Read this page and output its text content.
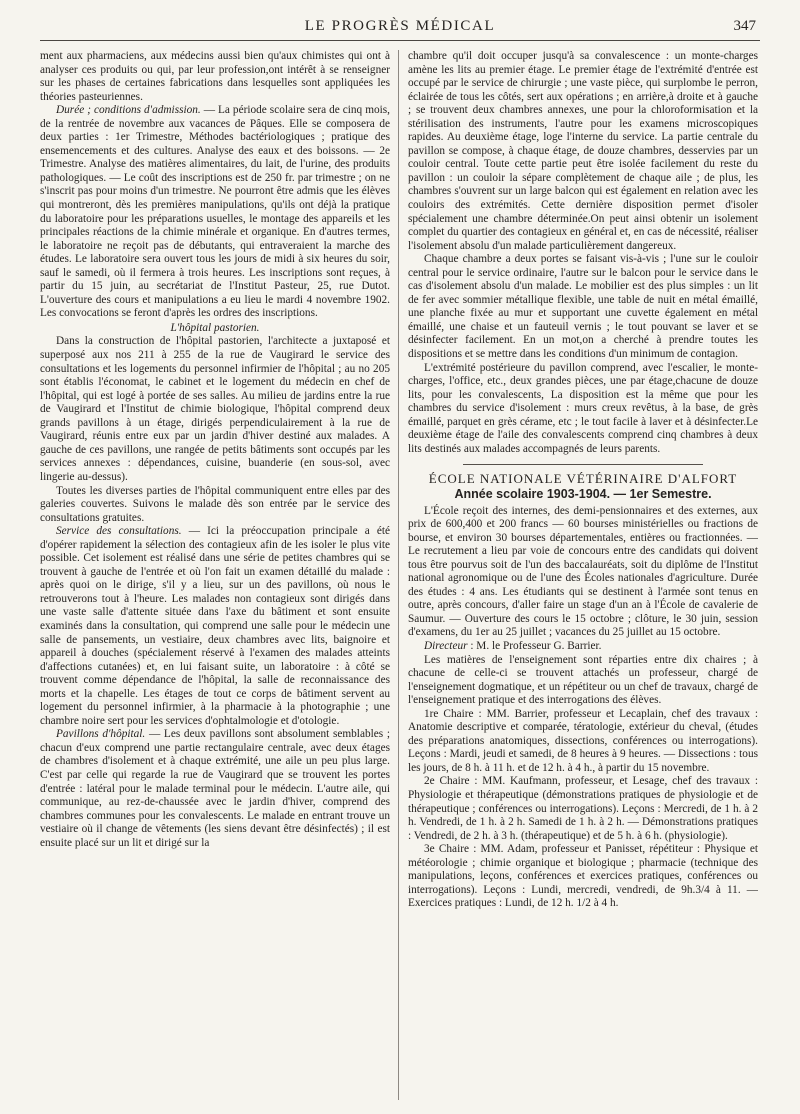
LE PROGRÈS MÉDICAL	347

ment aux pharmaciens, aux médecins aussi bien qu'aux chimistes qui ont à analyser ces produits ou qui, par leur profession,ont intérêt à se renseigner sur les phases de certaines fabrications dans lesquelles sont appliquées les théories pasteuriennes.

Durée ; conditions d'admission. — La période scolaire sera de cinq mois, de la rentrée de novembre aux vacances de Pâques. Elle se composera de deux parties : 1er Trimestre, Méthodes bactériologiques ; pratique des ensemencements et des cultures. Analyse des eaux et des boissons. — 2e Trimestre. Analyse des matières alimentaires, du lait, de l'urine, des produits pathologiques. — Le coût des inscriptions est de 250 fr. par trimestre ; on ne s'inscrit pas pour moins d'un trimestre. Ne pourront être admis que les élèves qui montreront, dès les premières manipulations, qu'ils ont déjà la pratique du laboratoire pour les préparations usuelles, le montage des appareils et les principales réactions de la chimie minérale et organique. En d'autres termes, le laboratoire ne reçoit pas de débutants, qui entraveraient la marche des études. Le laboratoire sera ouvert tous les jours de midi à six heures du soir, sauf le samedi, où il fermera à trois heures. Les inscriptions sont reçues, à partir du 15 juin, au secrétariat de l'Institut Pasteur, 25, rue Dutot. L'ouverture des cours et manipulations a eu lieu le mardi 4 novembre 1902. Les convocations se feront d'après les ordres des inscriptions.

L'hôpital pastorien.

Dans la construction de l'hôpital pastorien, l'architecte a juxtaposé et superposé aux nos 211 à 255 de la rue de Vaugirard le service des consultations et les logements du personnel infirmier de l'hôpital ; au no 205 sont établis l'économat, le cabinet et le logement du médecin en chef de l'hôpital, qui est logé à portée de ses salles. Au milieu de jardins entre la rue de Vaugirard et l'Institut de chimie biologique, l'hôpital comprend deux grands pavillons à un étage, dirigés perpendiculairement à la rue de Vaugirard, réunis entre eux par un jardin d'hiver destiné aux malades. A gauche de ces pavillons, une rangée de petits bâtiments sont occupés par les services annexes : dépendances, cuisine, buanderie (en sous-sol, avec lingerie au-dessus).

Toutes les diverses parties de l'hôpital communiquent entre elles par des galeries couvertes. Suivons le malade dès son entrée par le service des consultations gratuites.

Service des consultations. — Ici la préoccupation principale a été d'opérer rapidement la sélection des contagieux afin de les isoler le plus vite possible. Cet isolement est réalisé dans une série de petites chambres qui se trouvent à gauche de l'entrée et où l'on fait un examen détaillé du malade : après quoi on le dirige, s'il y a lieu, sur un des pavillons, où nous le retrouverons tout à l'heure. Les malades non contagieux sont dirigés dans une vaste salle d'attente située dans l'axe du bâtiment et sont ensuite examinés dans la consultation, qui comprend une salle pour le médecin une salle de pansements, un vestiaire, deux chambres avec lits, baignoire et appareil à douches (spécialement réservé à l'examen des malades atteints d'affections cutanées) et, en lui faisant suite, un laboratoire : à côté se trouvent comme dépendance de l'hôpital, la salle de reconnaissance des morts et la chapelle. Les étages de tout ce corps de bâtiment servent au logement du personnel infirmier, à la pharmacie à la photographie ; une chambre noire sert pour les services d'ophtalmologie et d'otologie.

Pavillons d'hôpital. — Les deux pavillons sont absolument semblables ; chacun d'eux comprend une partie rectangulaire centrale, avec deux étages de chambres d'isolement et à chaque extrémité, une aile un peu plus large. C'est par celle qui regarde la rue de Vaugirard que se trouvent les portes d'entrée : latéral pour le malade terminal pour le médecin. L'autre aile, qui communique, au rez-de-chaussée avec le jardin d'hiver, comprend des chambres communes pour les convalescents. Le malade en entrant trouve un vestiaire où il change de vêtements (les siens devant être désinfectés) ; il est ensuite placé sur un lit et dirigé sur la

chambre qu'il doit occuper jusqu'à sa convalescence : un monte-charges amène les lits au premier étage. Le premier étage de l'extrémité d'entrée est occupé par le service de chirurgie ; une vaste pièce, qui surplombe le perron, éclairée de tous les côtés, sert aux opérations ; en arrière,à droite et à gauche ; se trouvent deux chambres annexes, une pour la chloroformisation et la stérilisation des instruments, l'autre pour les examens microscopiques rapides. Au deuxième étage, loge l'interne du service. La partie centrale du pavillon se compose, à chaque étage, de douze chambres, desservies par un couloir central. Toute cette partie peut être isolée facilement du reste du pavillon : un couloir la sépare complètement de chaque aile ; de plus, les chambres s'ouvrent sur un large balcon qui est également en relation avec les couloirs des extrémités. Cette dernière disposition permet d'isoler spécialement une chambre déterminée.On peut ainsi obtenir un isolement complet du quartier des contagieux en général et, en cas de nécessité, réaliser l'isolement absolu d'un malade particulièrement dangereux.

Chaque chambre a deux portes se faisant vis-à-vis ; l'une sur le couloir central pour le service ordinaire, l'autre sur le balcon pour le service dans le cas d'isolement absolu d'un malade. Le mobilier est des plus simples : un lit de fer avec sommier métallique flexible, une table de nuit en métal émaillé, une planche fixée au mur et supportant une cuvette également en métal émaillé, une chaise et un fauteuil vernis ; le tout pouvant se laver et se désinfecter facilement. En un mot,on a cherché à prendre toutes les dispositions et se mettre dans les conditions d'un minimum de contagion.

L'extrémité postérieure du pavillon comprend, avec l'escalier, le monte-charges, l'office, etc., deux grandes pièces, une par étage,chacune de douze lits, pour les convalescents, La disposition est la même que pour les chambres du service d'isolement : murs creux revêtus, à la base, de grès émaillé, parquet en grès cérame, etc ; le tout facile à laver et à désinfecter.Le deuxième étage de l'aile des convalescents comprend cinq chambres à deux lits destinés aux malades accompagnés de leurs parents.

ÉCOLE NATIONALE VÉTÉRINAIRE D'ALFORT

Année scolaire 1903-1904. — 1er Semestre.

L'École reçoit des internes, des demi-pensionnaires et des externes, aux prix de 600,400 et 200 francs — 60 bourses ministérielles ou fractions de bourse, et environ 30 bourses départementales, entières ou fractionnées. — Le recrutement a lieu par voie de concours entre des candidats qui doivent tous être pourvus soit de l'un des baccalauréats, soit du diplôme de l'Institut national agronomique ou de l'une des Écoles nationales d'agriculture. Durée des études : 4 ans. Les étudiants qui se destinent à l'armée sont tenus en outre, après concours, d'aller faire un stage d'un an à l'École de cavalerie de Saumur. — Ouverture des cours le 15 octobre ; clôture, le 30 juin, session d'examens, du 1er au 25 juillet ; vacances du 25 juillet au 15 octobre.

Directeur : M. le Professeur G. Barrier.

Les matières de l'enseignement sont réparties entre dix chaires ; à chacune de celle-ci se trouvent attachés un professeur, chargé de l'enseignement dogmatique, et un répétiteur ou un chef de travaux, chargé de l'enseignement pratique et des interrogations des élèves.

1re Chaire : MM. Barrier, professeur et Lecaplain, chef des travaux : Anatomie descriptive et comparée, tératologie, extérieur du cheval, (études des préparations anatomiques, dissections, conférences ou interrogations). Leçons : Mardi, jeudi et samedi, de 8 heures à 9 heures. — Dissections : tous les jours, de 8 h. à 11 h. et de 12 h. à 4 h., à partir du 15 novembre.

2e Chaire : MM. Kaufmann, professeur, et Lesage, chef des travaux : Physiologie et thérapeutique (démonstrations pratiques de physiologie et de thérapeutique ; conférences ou interrogations). Leçons : Mercredi, de 1 h. à 2 h. Vendredi, de 1 h. à 2 h. Samedi de 1 h. à 2 h. — Démonstrations pratiques : Vendredi, de 2 h. à 3 h. (thérapeutique) et de 5 h. à 6 h. (physiologie).

3e Chaire : MM. Adam, professeur et Panisset, répétiteur : Physique et météorologie ; chimie organique et biologique ; pharmacie (technique des manipulations, leçons, conférences et exercices pratiques, conférences ou interrogations). Leçons : Lundi, mercredi, vendredi, de 9h.3/4 à 11. — Exercices pratiques : Lundi, de 12 h. 1/2 à 4 h.
